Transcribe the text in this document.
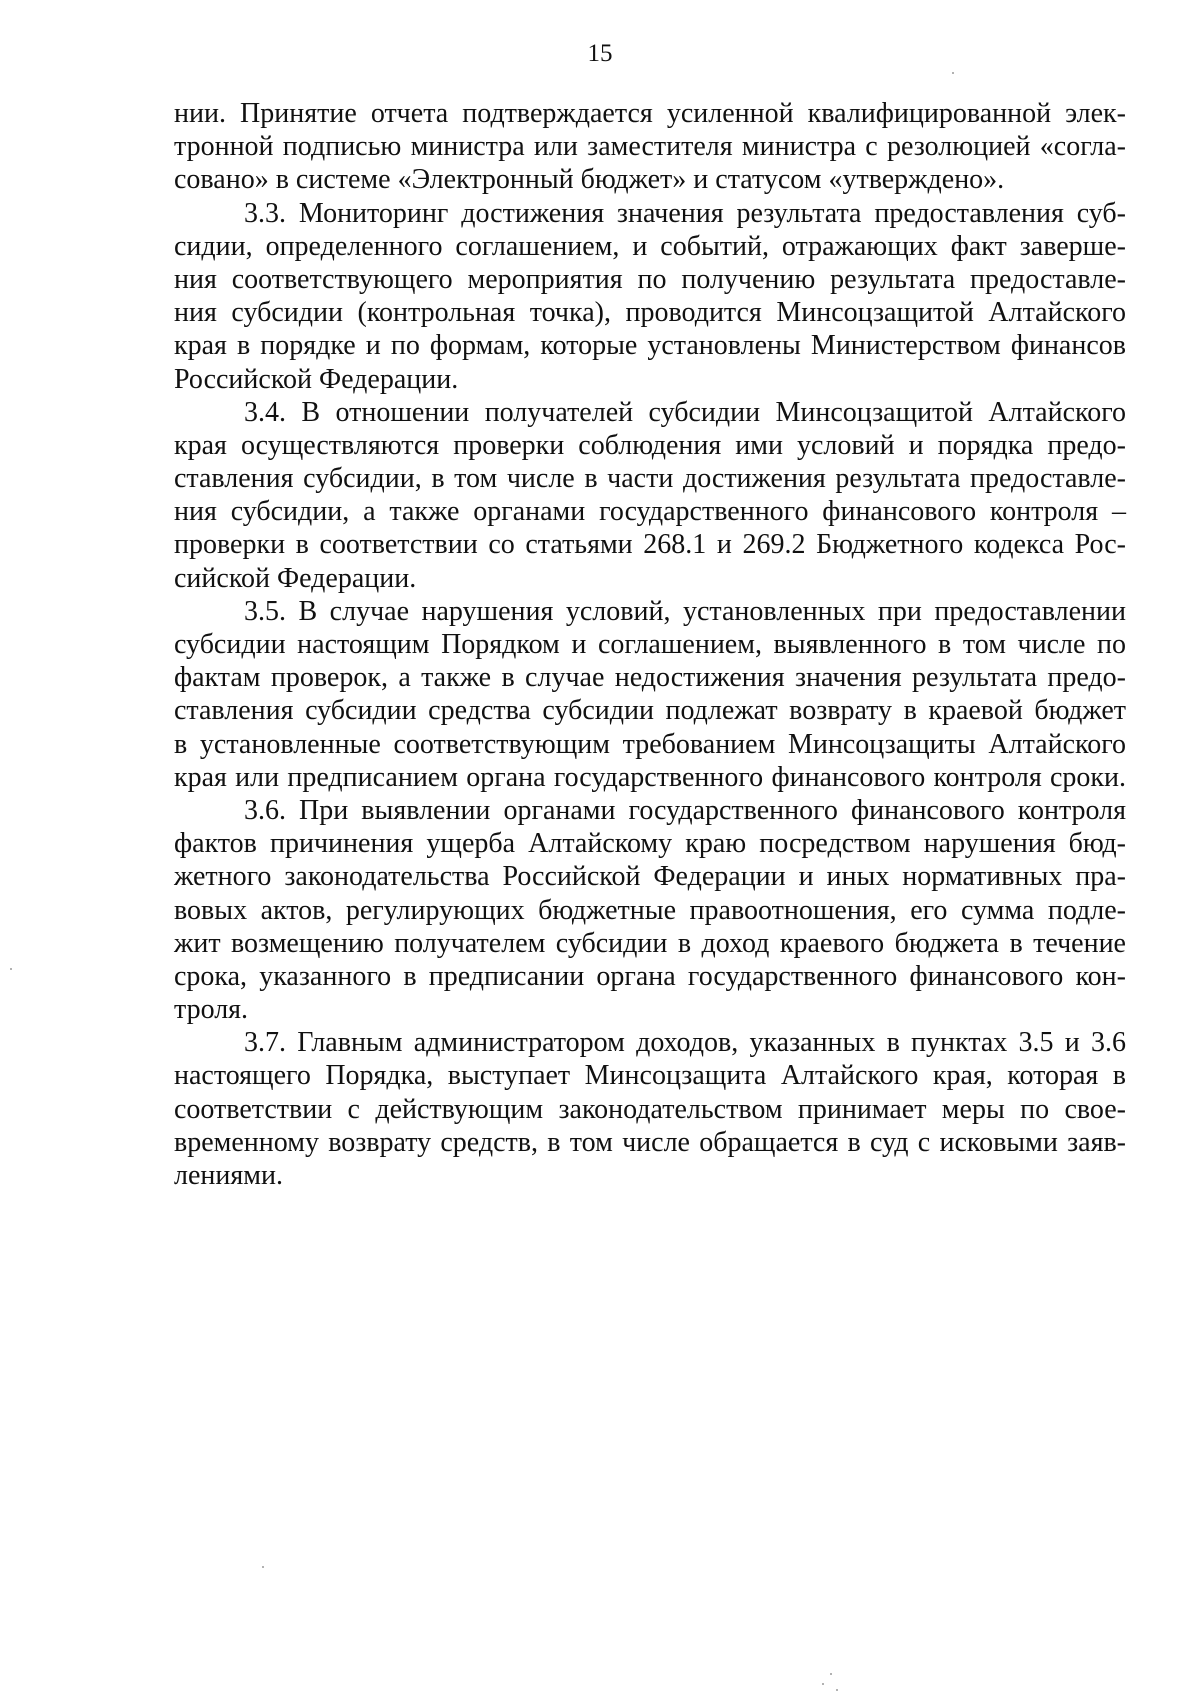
15
нии. Принятие отчета подтверждается усиленной квалифицированной элек-
тронной подписью министра или заместителя министра с резолюцией «согла-
совано» в системе «Электронный бюджет» и статусом «утверждено».
3.3. Мониторинг достижения значения результата предоставления суб-
сидии, определенного соглашением, и событий, отражающих факт заверше-
ния соответствующего мероприятия по получению результата предоставле-
ния субсидии (контрольная точка), проводится Минсоцзащитой Алтайского
края в порядке и по формам, которые установлены Министерством финансов
Российской Федерации.
3.4. В отношении получателей субсидии Минсоцзащитой Алтайского
края осуществляются проверки соблюдения ими условий и порядка предо-
ставления субсидии, в том числе в части достижения результата предоставле-
ния субсидии, а также органами государственного финансового контроля –
проверки в соответствии со статьями 268.1 и 269.2 Бюджетного кодекса Рос-
сийской Федерации.
3.5. В случае нарушения условий, установленных при предоставлении
субсидии настоящим Порядком и соглашением, выявленного в том числе по
фактам проверок, а также в случае недостижения значения результата предо-
ставления субсидии средства субсидии подлежат возврату в краевой бюджет
в установленные соответствующим требованием Минсоцзащиты Алтайского
края или предписанием органа государственного финансового контроля сроки.
3.6. При выявлении органами государственного финансового контроля
фактов причинения ущерба Алтайскому краю посредством нарушения бюд-
жетного законодательства Российской Федерации и иных нормативных пра-
вовых актов, регулирующих бюджетные правоотношения, его сумма подле-
жит возмещению получателем субсидии в доход краевого бюджета в течение
срока, указанного в предписании органа государственного финансового кон-
троля.
3.7. Главным администратором доходов, указанных в пунктах 3.5 и 3.6
настоящего Порядка, выступает Минсоцзащита Алтайского края, которая в
соответствии с действующим законодательством принимает меры по свое-
временному возврату средств, в том числе обращается в суд с исковыми заяв-
лениями.
